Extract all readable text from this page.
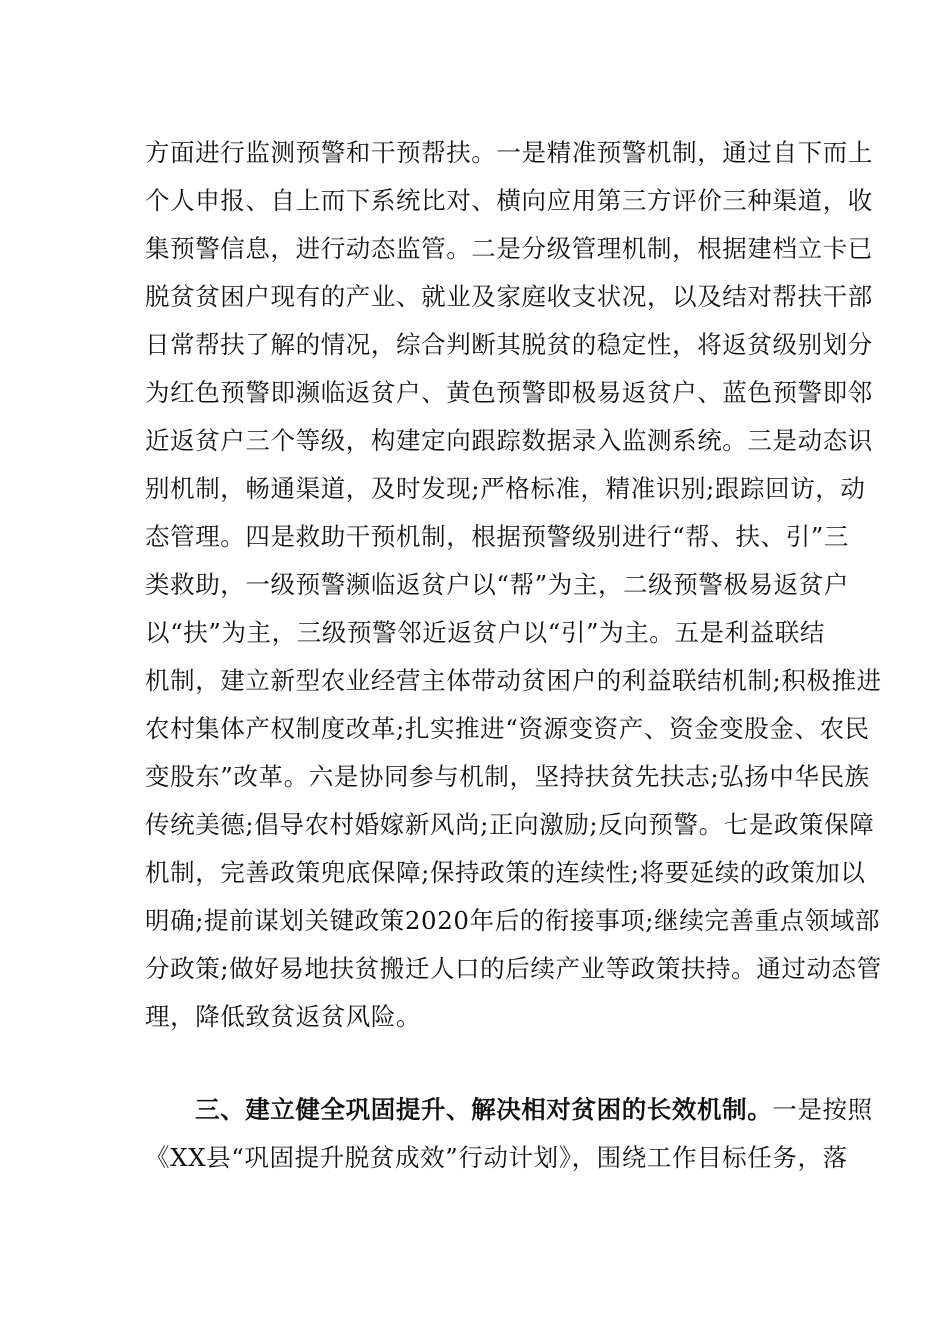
方面进行监测预警和干预帮扶。一是精准预警机制，通过自下而上
个人申报、自上而下系统比对、横向应用第三方评价三种渠道，收
集预警信息，进行动态监管。二是分级管理机制，根据建档立卡已
脱贫贫困户现有的产业、就业及家庭收支状况，以及结对帮扶干部
日常帮扶了解的情况，综合判断其脱贫的稳定性，将返贫级别划分
为红色预警即濒临返贫户、黄色预警即极易返贫户、蓝色预警即邻
近返贫户三个等级，构建定向跟踪数据录入监测系统。三是动态识
别机制，畅通渠道，及时发现;严格标准，精准识别;跟踪回访，动
态管理。四是救助干预机制，根据预警级别进行“帮、扶、引”三
类救助，一级预警濒临返贫户以“帮”为主，二级预警极易返贫户
以“扶”为主，三级预警邻近返贫户以“引”为主。五是利益联结
机制，建立新型农业经营主体带动贫困户的利益联结机制;积极推进
农村集体产权制度改革;扎实推进“资源变资产、资金变股金、农民
变股东”改革。六是协同参与机制，坚持扶贫先扶志;弘扬中华民族
传统美德;倡导农村婚嫁新风尚;正向激励;反向预警。七是政策保障
机制，完善政策兜底保障;保持政策的连续性;将要延续的政策加以
明确;提前谋划关键政策2020年后的衔接事项;继续完善重点领域部
分政策;做好易地扶贫搬迁人口的后续产业等政策扶持。通过动态管
理，降低致贫返贫风险。
三、建立健全巩固提升、解决相对贫困的长效机制。一是按照
《XX县“巩固提升脱贫成效”行动计划》，围绕工作目标任务，落
